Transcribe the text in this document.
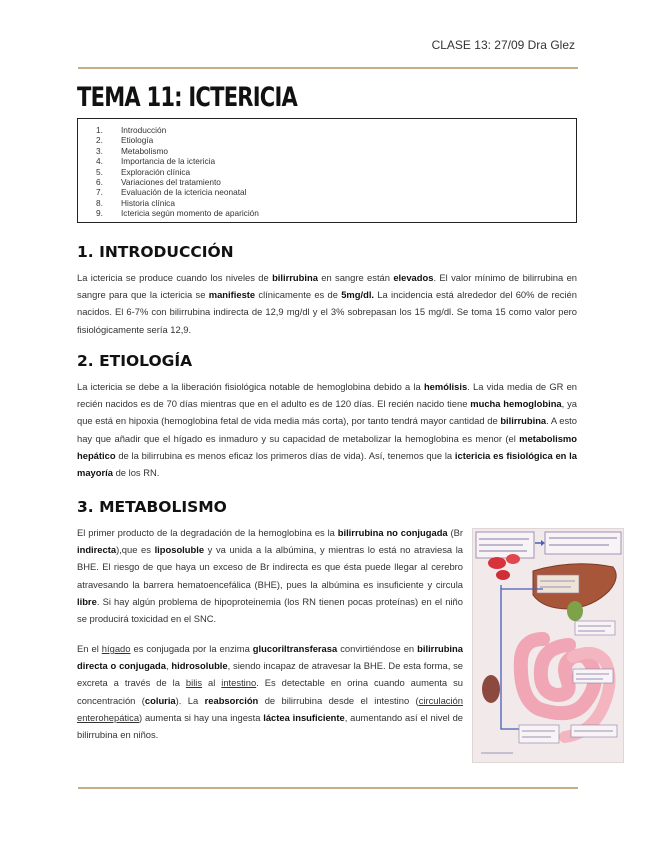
CLASE 13: 27/09 Dra Glez
TEMA 11: ICTERICIA
1. Introducción
2. Etiología
3. Metabolismo
4. Importancia de la ictericia
5. Exploración clínica
6. Variaciones del tratamiento
7. Evaluación de la ictericia neonatal
8. Historia clínica
9. Ictericia según momento de aparición
1. INTRODUCCIÓN
La ictericia se produce cuando los niveles de bilirrubina en sangre están elevados. El valor mínimo de bilirrubina en sangre para que la ictericia se manifieste clínicamente es de 5mg/dl. La incidencia está alrededor del 60% de recién nacidos. El 6-7% con bilirrubina indirecta de 12,9 mg/dl y el 3% sobrepasan los 15 mg/dl. Se toma 15 como valor pero fisiológicamente sería 12,9.
2. ETIOLOGÍA
La ictericia se debe a la liberación fisiológica notable de hemoglobina debido a la hemólisis. La vida media de GR en recién nacidos es de 70 días mientras que en el adulto es de 120 días. El recién nacido tiene mucha hemoglobina, ya que está en hipoxia (hemoglobina fetal de vida media más corta), por tanto tendrá mayor cantidad de bilirrubina. A esto hay que añadir que el hígado es inmaduro y su capacidad de metabolizar la hemoglobina es menor (el metabolismo hepático de la bilirrubina es menos eficaz los primeros días de vida). Así, tenemos que la ictericia es fisiológica en la mayoría de los RN.
3. METABOLISMO
El primer producto de la degradación de la hemoglobina es la bilirrubina no conjugada (Br indirecta),que es liposoluble y va unida a la albúmina, y mientras lo está no atraviesa la BHE. El riesgo de que haya un exceso de Br indirecta es que ésta puede llegar al cerebro atravesando la barrera hematoencefálica (BHE), pues la albúmina es insuficiente y circula libre. Si hay algún problema de hipoproteinemia (los RN tienen pocas proteínas) en el niño se producirá toxicidad en el SNC.
En el hígado es conjugada por la enzima glucoriltransferasa convirtiéndose en bilirrubina directa o conjugada, hidrosoluble, siendo incapaz de atravesar la BHE. De esta forma, se excreta a través de la bilis al intestino. Es detectable en orina cuando aumenta su concentración (coluria). La reabsorción de bilirrubina desde el intestino (circulación enterohepática) aumenta si hay una ingesta láctea insuficiente, aumentando así el nivel de bilirrubina en niños.
